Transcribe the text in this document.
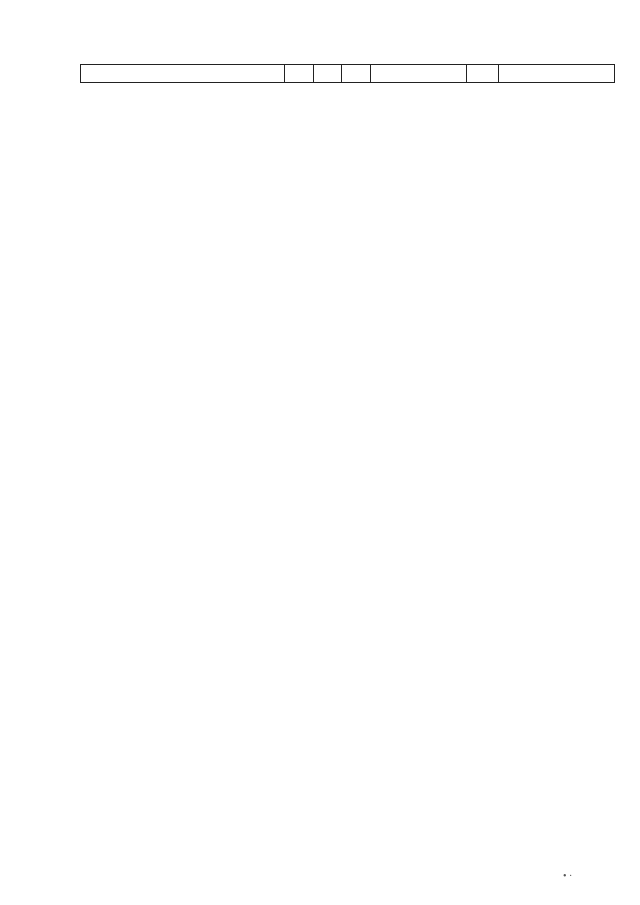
• ·
